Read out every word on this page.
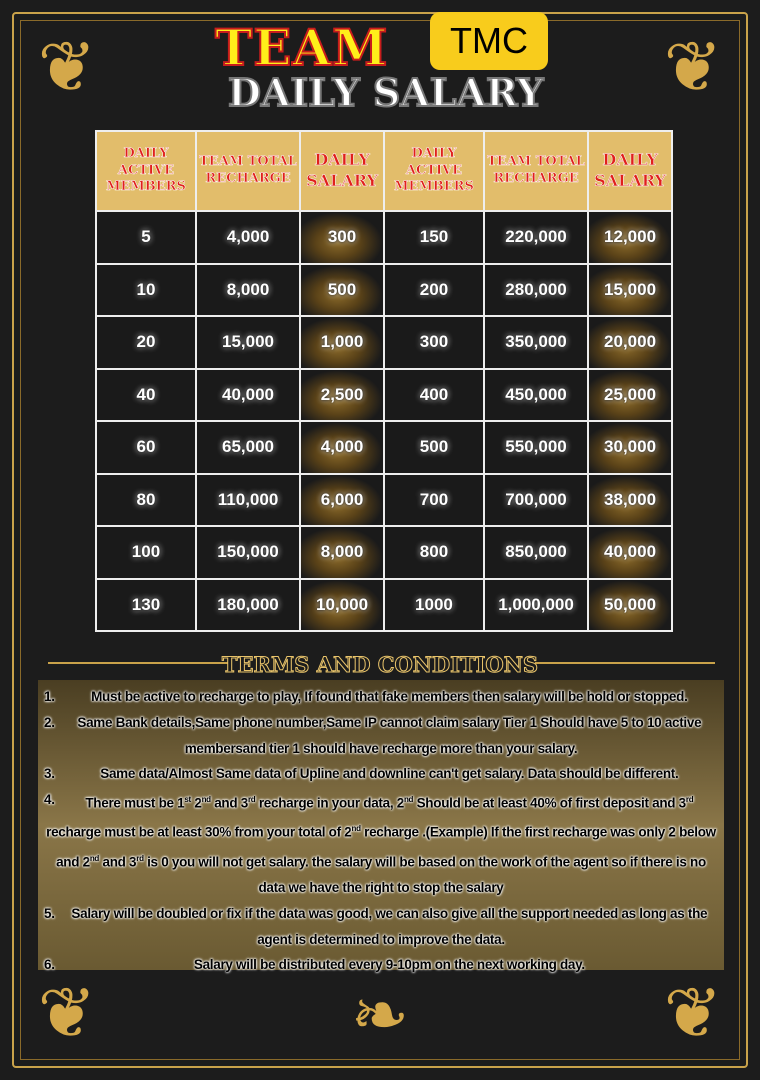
❦	❦
❦	❦
❧
TEAM	TMC
DAILY SALARY
DAILY ACTIVE MEMBERS	TEAM TOTAL RECHARGE	DAILY SALARY	DAILY ACTIVE MEMBERS	TEAM TOTAL RECHARGE	DAILY SALARY
5	4,000	300	150	220,000	12,000
10	8,000	500	200	280,000	15,000
20	15,000	1,000	300	350,000	20,000
40	40,000	2,500	400	450,000	25,000
60	65,000	4,000	500	550,000	30,000
80	110,000	6,000	700	700,000	38,000
100	150,000	8,000	800	850,000	40,000
130	180,000	10,000	1000	1,000,000	50,000
TERMS AND CONDITIONS
1.	Must be active to recharge to play, If found that fake members then salary will be hold or stopped.
2. Same Bank details,Same phone number,Same IP cannot claim salary Tier 1 Should have 5 to 10 active membersand tier 1 should have recharge more than your salary.
3.	Same data/Almost Same data of Upline and downline can't get salary. Data should be different.
4. There must be 1st 2nd and 3rd recharge in your data, 2nd Should be at least 40% of first deposit and 3rd recharge must be at least 30% from your total of 2nd recharge .(Example) If the first recharge was only 2 below and 2nd and 3rd is 0 you will not get salary. the salary will be based on the work of the agent so if there is no data we have the right to stop the salary
5. Salary will be doubled or fix if the data was good, we can also give all the support needed as long as the agent is determined to improve the data.
6.	Salary will be distributed every 9-10pm on the next working day.
